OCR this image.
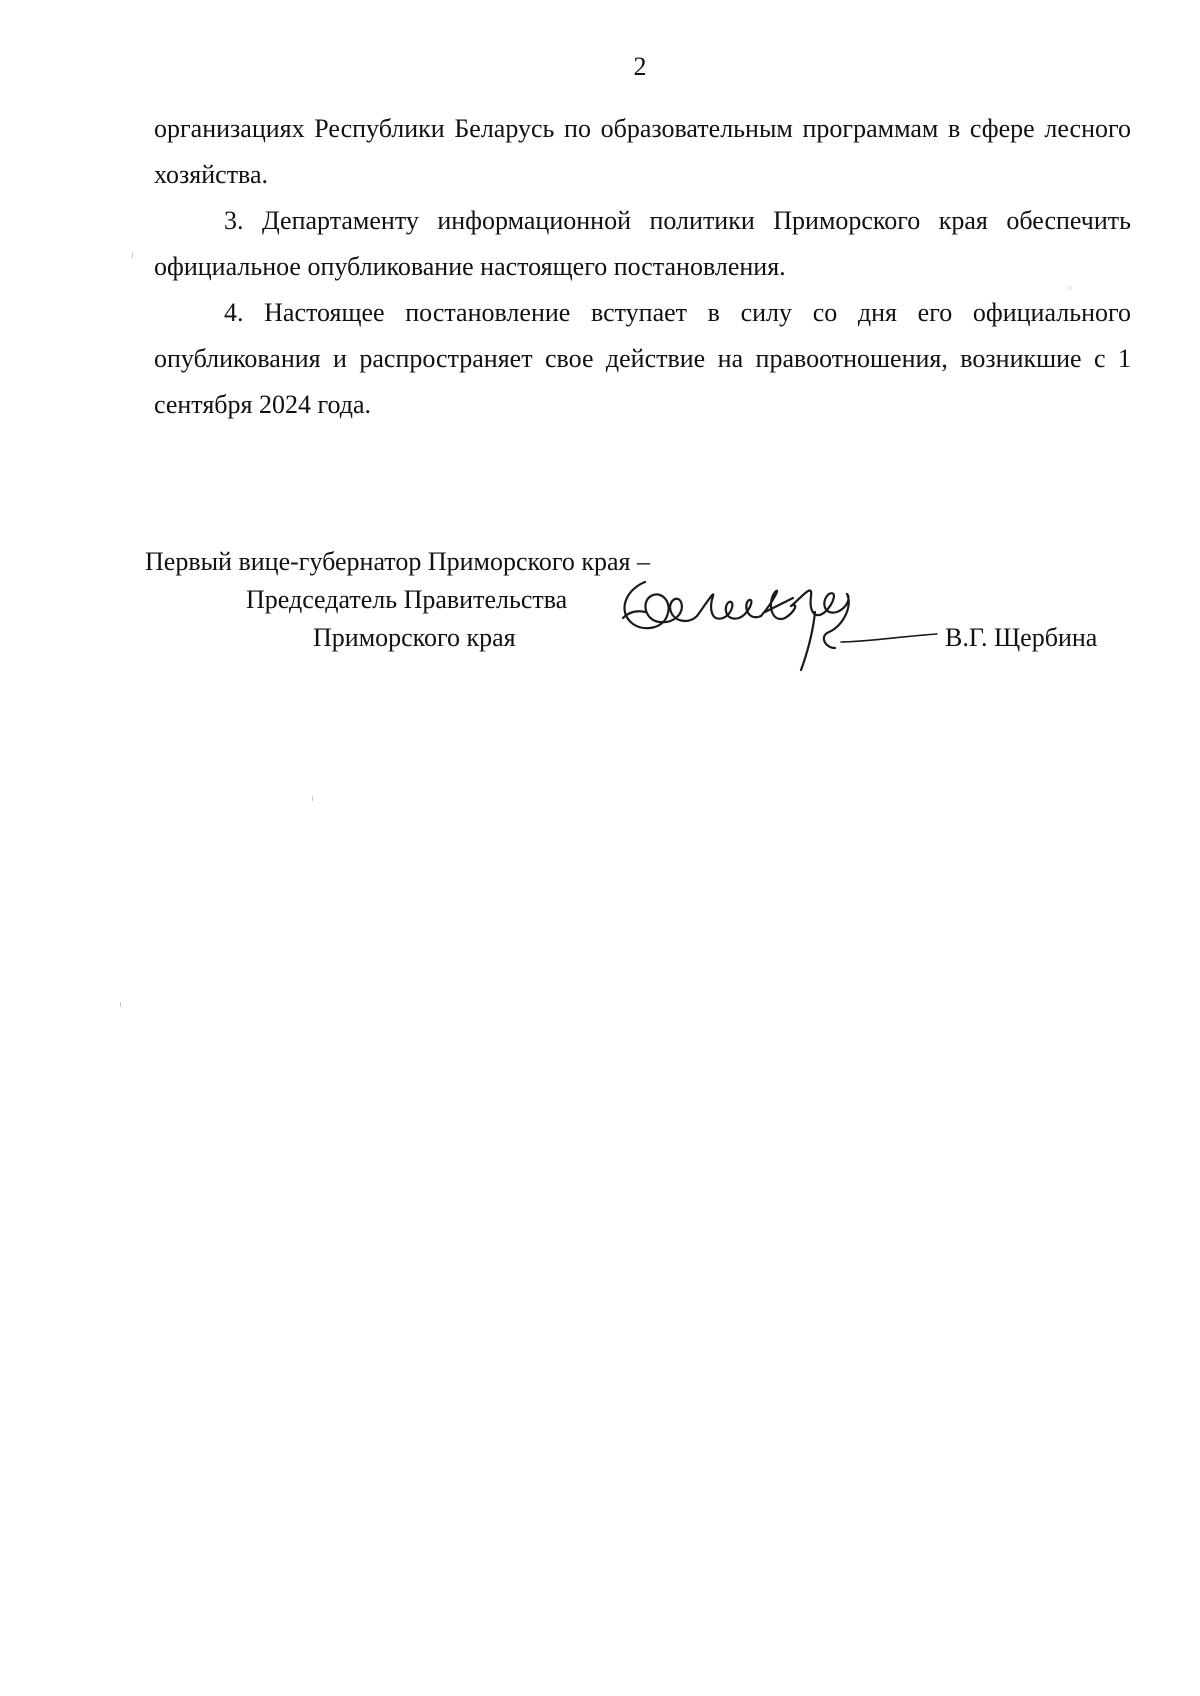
2

организациях Республики Беларусь по образовательным программам в сфере лесного хозяйства.

3. Департаменту информационной политики Приморского края обеспечить официальное опубликование настоящего постановления.

4. Настоящее постановление вступает в силу со дня его официального опубликования и распространяет свое действие на правоотношения, возникшие с 1 сентября 2024 года.

Первый вице-губернатор Приморского края –
Председатель Правительства
Приморского края	В.Г. Щербина
